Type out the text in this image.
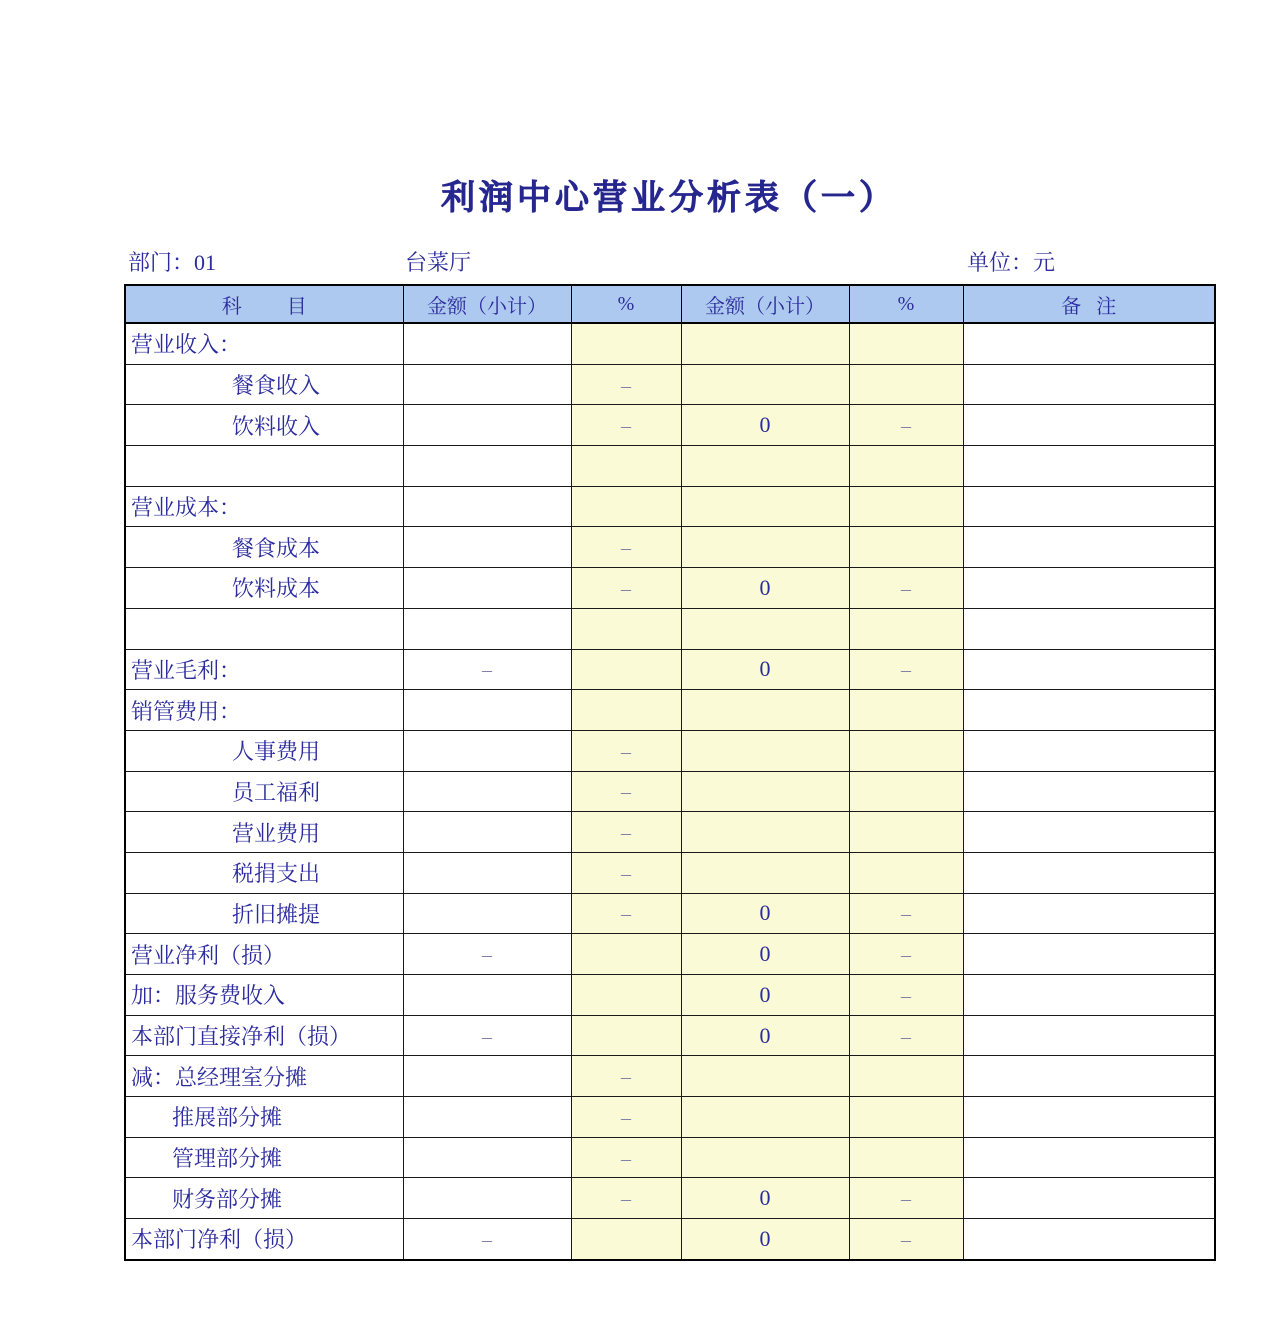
利润中心营业分析表（一）
部门：01	台菜厅	单位：元
科         目	金额（小计）	%	金额（小计）	%	备   注
营业收入：					
餐食收入		–			
饮料收入		–	0	–	

营业成本：					
餐食成本		–			
饮料成本		–	0	–	

营业毛利：	–		0	–	
销管费用：					
人事费用		–			
员工福利		–			
营业费用		–			
税捐支出		–			
折旧摊提		–	0	–	
营业净利（损）	–		0	–	
加：服务费收入			0	–	
本部门直接净利（损）	–		0	–	
减：总经理室分摊		–			
推展部分摊		–			
管理部分摊		–			
财务部分摊		–	0	–	
本部门净利（损）	–		0	–	
